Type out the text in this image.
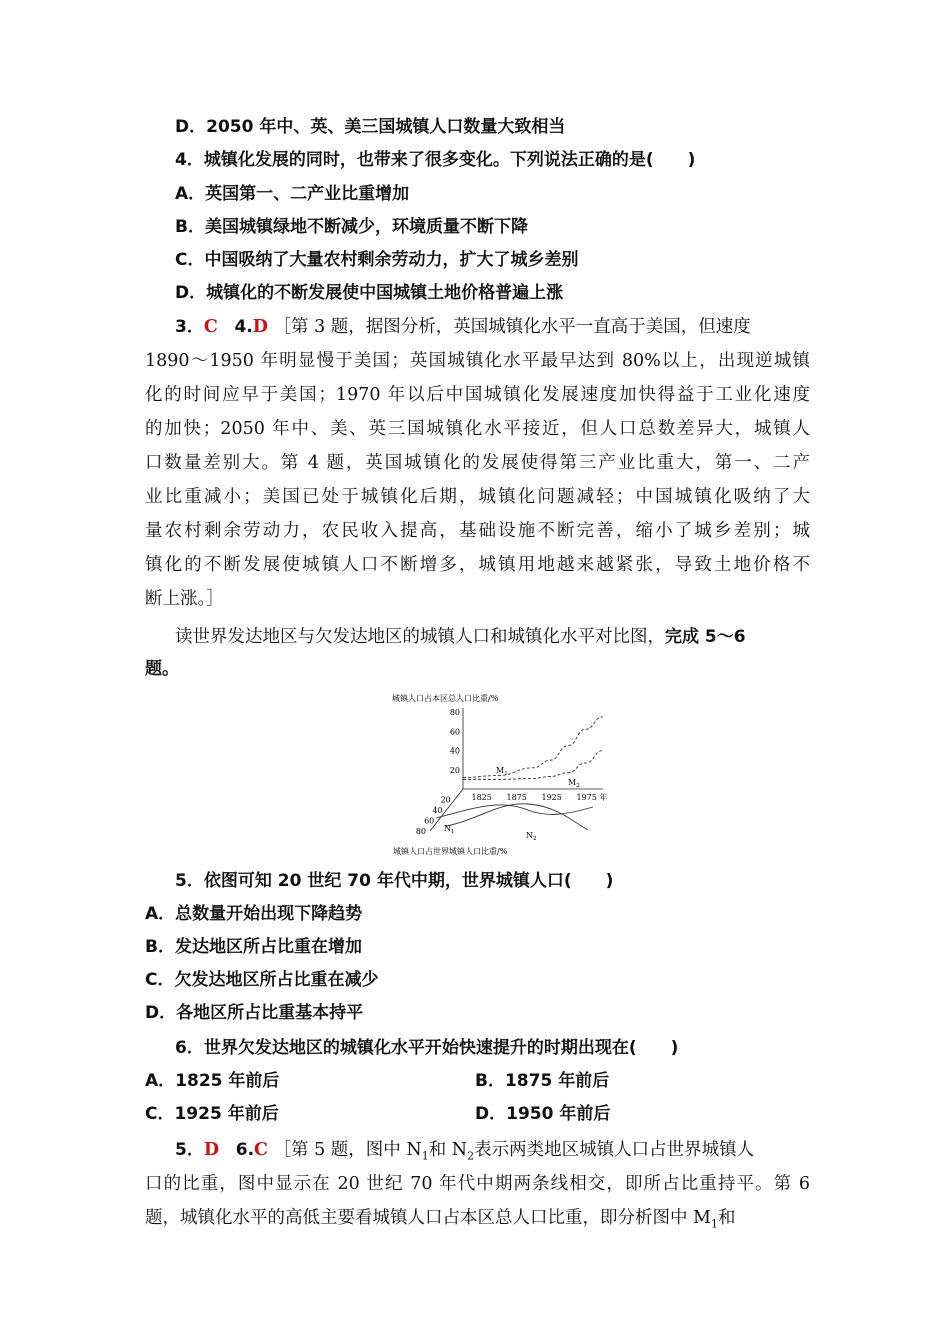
D．2050 年中、英、美三国城镇人口数量大致相当
4．城镇化发展的同时，也带来了很多变化。下列说法正确的是(　　)
A．英国第一、二产业比重增加
B．美国城镇绿地不断减少，环境质量不断下降
C．中国吸纳了大量农村剩余劳动力，扩大了城乡差别
D．城镇化的不断发展使中国城镇土地价格普遍上涨
3．C 4.D ［第 3 题，据图分析，英国城镇化水平一直高于美国，但速度
1890～1950 年明显慢于美国；英国城镇化水平最早达到 80%以上，出现逆城镇
化的时间应早于美国；1970 年以后中国城镇化发展速度加快得益于工业化速度
的加快；2050 年中、美、英三国城镇化水平接近，但人口总数差异大，城镇人
口数量差别大。第 4 题，英国城镇化的发展使得第三产业比重大，第一、二产
业比重减小；美国已处于城镇化后期，城镇化问题减轻；中国城镇化吸纳了大
量农村剩余劳动力，农民收入提高，基础设施不断完善，缩小了城乡差别；城
镇化的不断发展使城镇人口不断增多，城镇用地越来越紧张，导致土地价格不
断上涨。］
读世界发达地区与欠发达地区的城镇人口和城镇化水平对比图，完成 5～6
题。
城镇人口占本区总人口比重/%
20
40
60
80
1825 1875 1925 1975 年
20
40
60
80
$M_1$
$M_2$
$N_1$	$N_2$
城镇人口占世界城镇人口比重/%
5．依图可知 20 世纪 70 年代中期，世界城镇人口(　　)
A．总数量开始出现下降趋势
B．发达地区所占比重在增加
C．欠发达地区所占比重在减少
D．各地区所占比重基本持平
6．世界欠发达地区的城镇化水平开始快速提升的时期出现在(　　)
A．1825 年前后	B．1875 年前后
C．1925 年前后	D．1950 年前后
5．D 6.C ［第 5 题，图中 $N_1$和 $N_2$表示两类地区城镇人口占世界城镇人
口的比重，图中显示在 20 世纪 70 年代中期两条线相交，即所占比重持平。第 6
题，城镇化水平的高低主要看城镇人口占本区总人口比重，即分析图中 $M_1$和
